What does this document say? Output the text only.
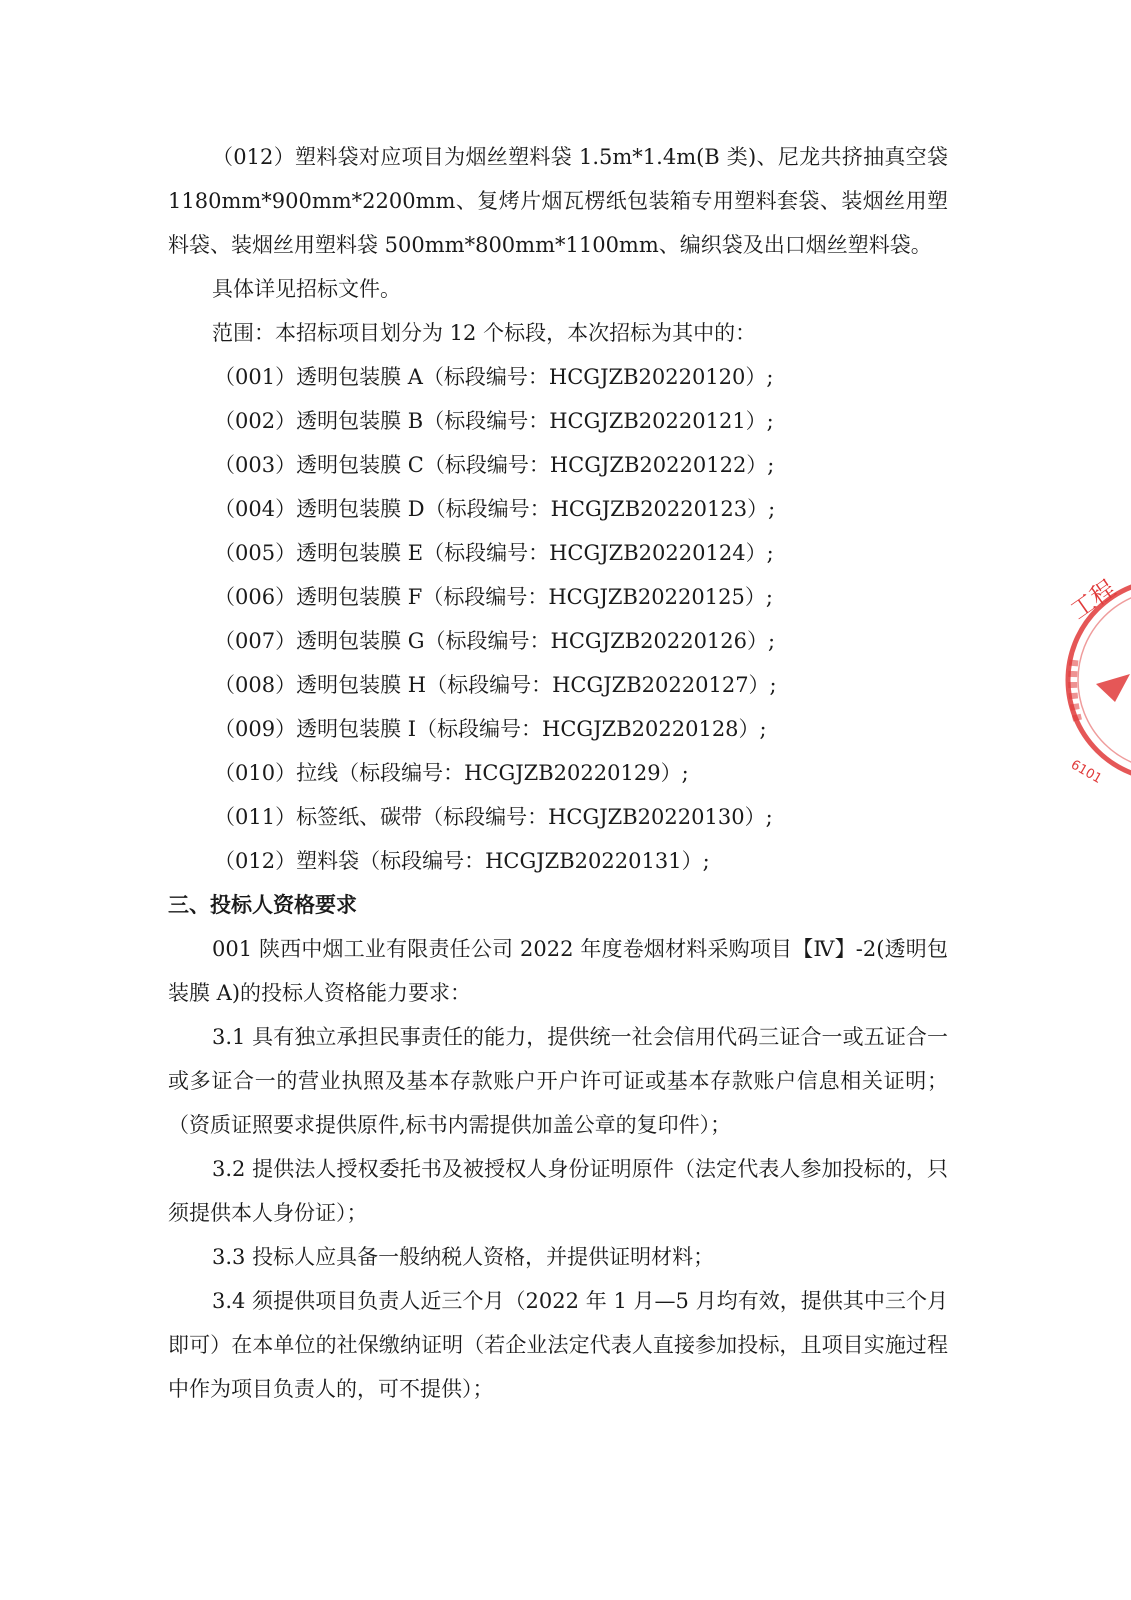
（012）塑料袋对应项目为烟丝塑料袋 1.5m*1.4m(B 类)、尼龙共挤抽真空袋 1180mm*900mm*2200mm、复烤片烟瓦楞纸包装箱专用塑料套袋、装烟丝用塑料袋、装烟丝用塑料袋 500mm*800mm*1100mm、编织袋及出口烟丝塑料袋。

具体详见招标文件。

范围：本招标项目划分为 12 个标段，本次招标为其中的：

（001）透明包装膜 A（标段编号：HCGJZB20220120）;

（002）透明包装膜 B（标段编号：HCGJZB20220121）;

（003）透明包装膜 C（标段编号：HCGJZB20220122）;

（004）透明包装膜 D（标段编号：HCGJZB20220123）;

（005）透明包装膜 E（标段编号：HCGJZB20220124）;

（006）透明包装膜 F（标段编号：HCGJZB20220125）;

（007）透明包装膜 G（标段编号：HCGJZB20220126）;

（008）透明包装膜 H（标段编号：HCGJZB20220127）;

（009）透明包装膜 I（标段编号：HCGJZB20220128）;

（010）拉线（标段编号：HCGJZB20220129）;

（011）标签纸、碳带（标段编号：HCGJZB20220130）;

（012）塑料袋（标段编号：HCGJZB20220131）;

三、投标人资格要求

001 陕西中烟工业有限责任公司 2022 年度卷烟材料采购项目【Ⅳ】-2(透明包装膜 A)的投标人资格能力要求：

3.1 具有独立承担民事责任的能力，提供统一社会信用代码三证合一或五证合一或多证合一的营业执照及基本存款账户开户许可证或基本存款账户信息相关证明；（资质证照要求提供原件,标书内需提供加盖公章的复印件）；

3.2 提供法人授权委托书及被授权人身份证明原件（法定代表人参加投标的，只须提供本人身份证）；

3.3 投标人应具备一般纳税人资格，并提供证明材料；

3.4 须提供项目负责人近三个月（2022 年 1 月—5 月均有效，提供其中三个月即可）在本单位的社保缴纳证明（若企业法定代表人直接参加投标，且项目实施过程中作为项目负责人的，可不提供）；

工程
6101
